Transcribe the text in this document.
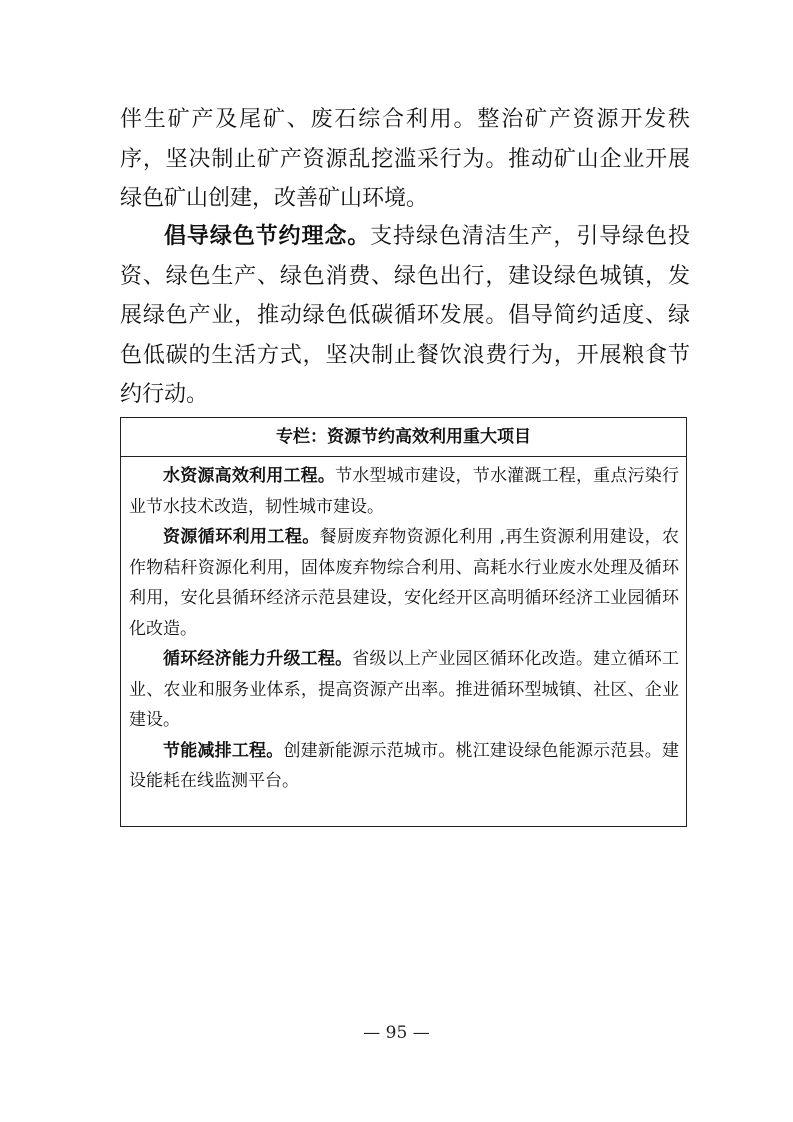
伴生矿产及尾矿、废石综合利用。整治矿产资源开发秩序，坚决制止矿产资源乱挖滥采行为。推动矿山企业开展绿色矿山创建，改善矿山环境。

倡导绿色节约理念。支持绿色清洁生产，引导绿色投资、绿色生产、绿色消费、绿色出行，建设绿色城镇，发展绿色产业，推动绿色低碳循环发展。倡导简约适度、绿色低碳的生活方式，坚决制止餐饮浪费行为，开展粮食节约行动。

专栏：资源节约高效利用重大项目

水资源高效利用工程。节水型城市建设，节水灌溉工程，重点污染行业节水技术改造，韧性城市建设。

资源循环利用工程。餐厨废弃物资源化利用 ,再生资源利用建设，农作物秸秆资源化利用，固体废弃物综合利用、高耗水行业废水处理及循环利用，安化县循环经济示范县建设，安化经开区高明循环经济工业园循环化改造。

循环经济能力升级工程。省级以上产业园区循环化改造。建立循环工业、农业和服务业体系，提高资源产出率。推进循环型城镇、社区、企业建设。

节能减排工程。创建新能源示范城市。桃江建设绿色能源示范县。建设能耗在线监测平台。

— 95 —
